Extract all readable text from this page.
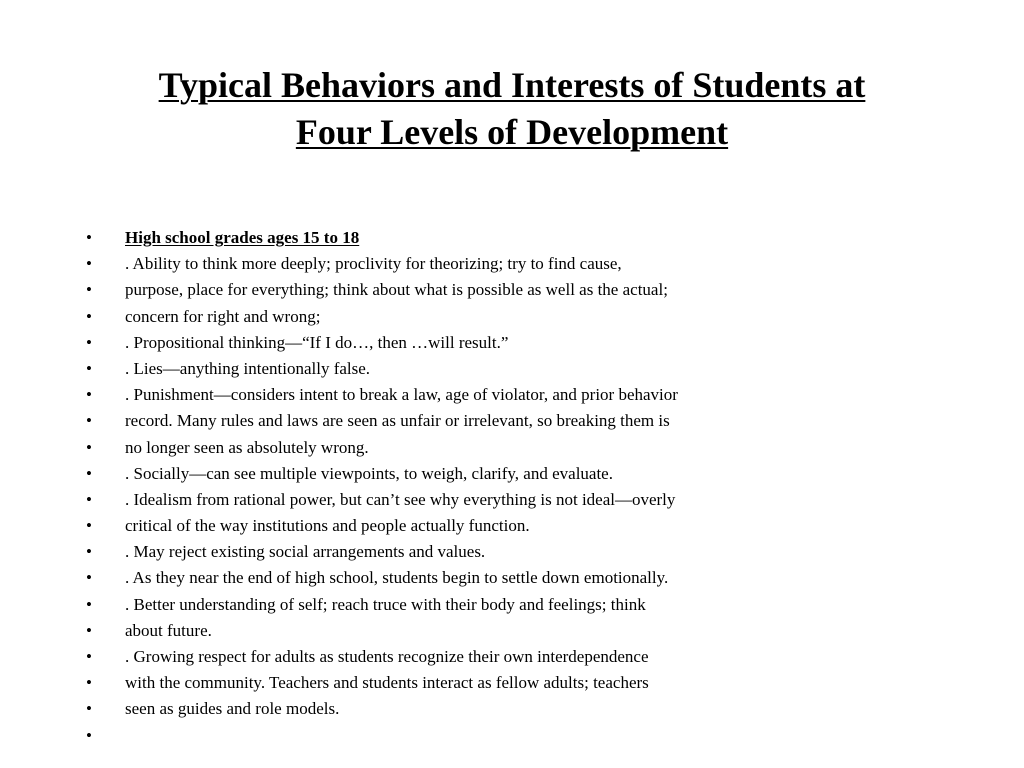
Typical Behaviors and Interests of Students at
Four Levels of Development
•	High school grades ages 15 to 18
•	. Ability to think more deeply; proclivity for theorizing; try to find cause,
•	purpose, place for everything; think about what is possible as well as the actual;
•	concern for right and wrong;
•	. Propositional thinking—“If I do…, then …will result.”
•	. Lies—anything intentionally false.
•	. Punishment—considers intent to break a law, age of violator, and prior behavior
•	record. Many rules and laws are seen as unfair or irrelevant, so breaking them is
•	no longer seen as absolutely wrong.
•	. Socially—can see multiple viewpoints, to weigh, clarify, and evaluate.
•	. Idealism from rational power, but can’t see why everything is not ideal—overly
•	critical of the way institutions and people actually function.
•	. May reject existing social arrangements and values.
•	. As they near the end of high school, students begin to settle down emotionally.
•	. Better understanding of self; reach truce with their body and feelings; think
•	about future.
•	. Growing respect for adults as students recognize their own interdependence
•	with the community. Teachers and students interact as fellow adults; teachers
•	seen as guides and role models.
•
